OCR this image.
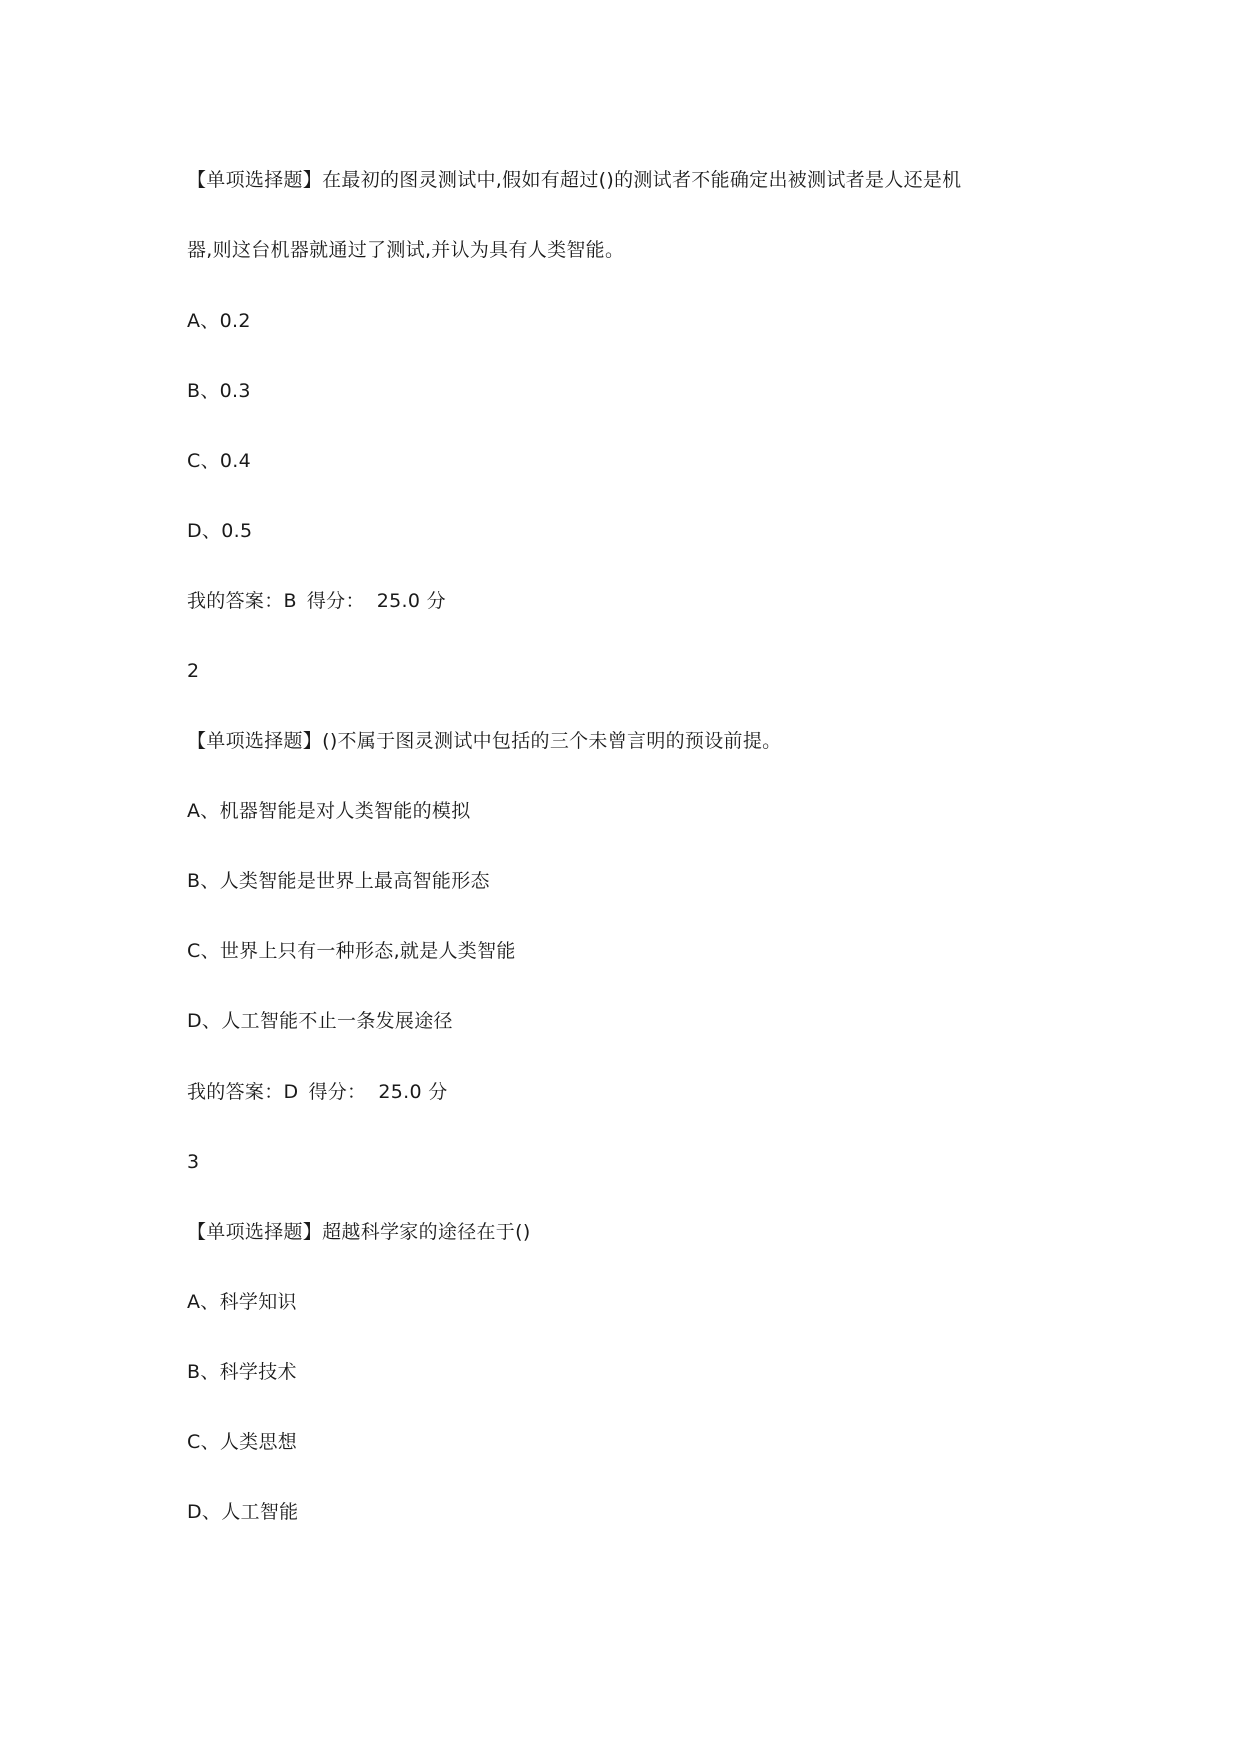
【单项选择题】在最初的图灵测试中,假如有超过()的测试者不能确定出被测试者是人还是机
器,则这台机器就通过了测试,并认为具有人类智能。
A、0.2
B、0.3
C、0.4
D、0.5
我的答案：B 得分： 25.0 分
2
【单项选择题】()不属于图灵测试中包括的三个未曾言明的预设前提。
A、机器智能是对人类智能的模拟
B、人类智能是世界上最高智能形态
C、世界上只有一种形态,就是人类智能
D、人工智能不止一条发展途径
我的答案：D 得分： 25.0 分
3
【单项选择题】超越科学家的途径在于()
A、科学知识
B、科学技术
C、人类思想
D、人工智能
